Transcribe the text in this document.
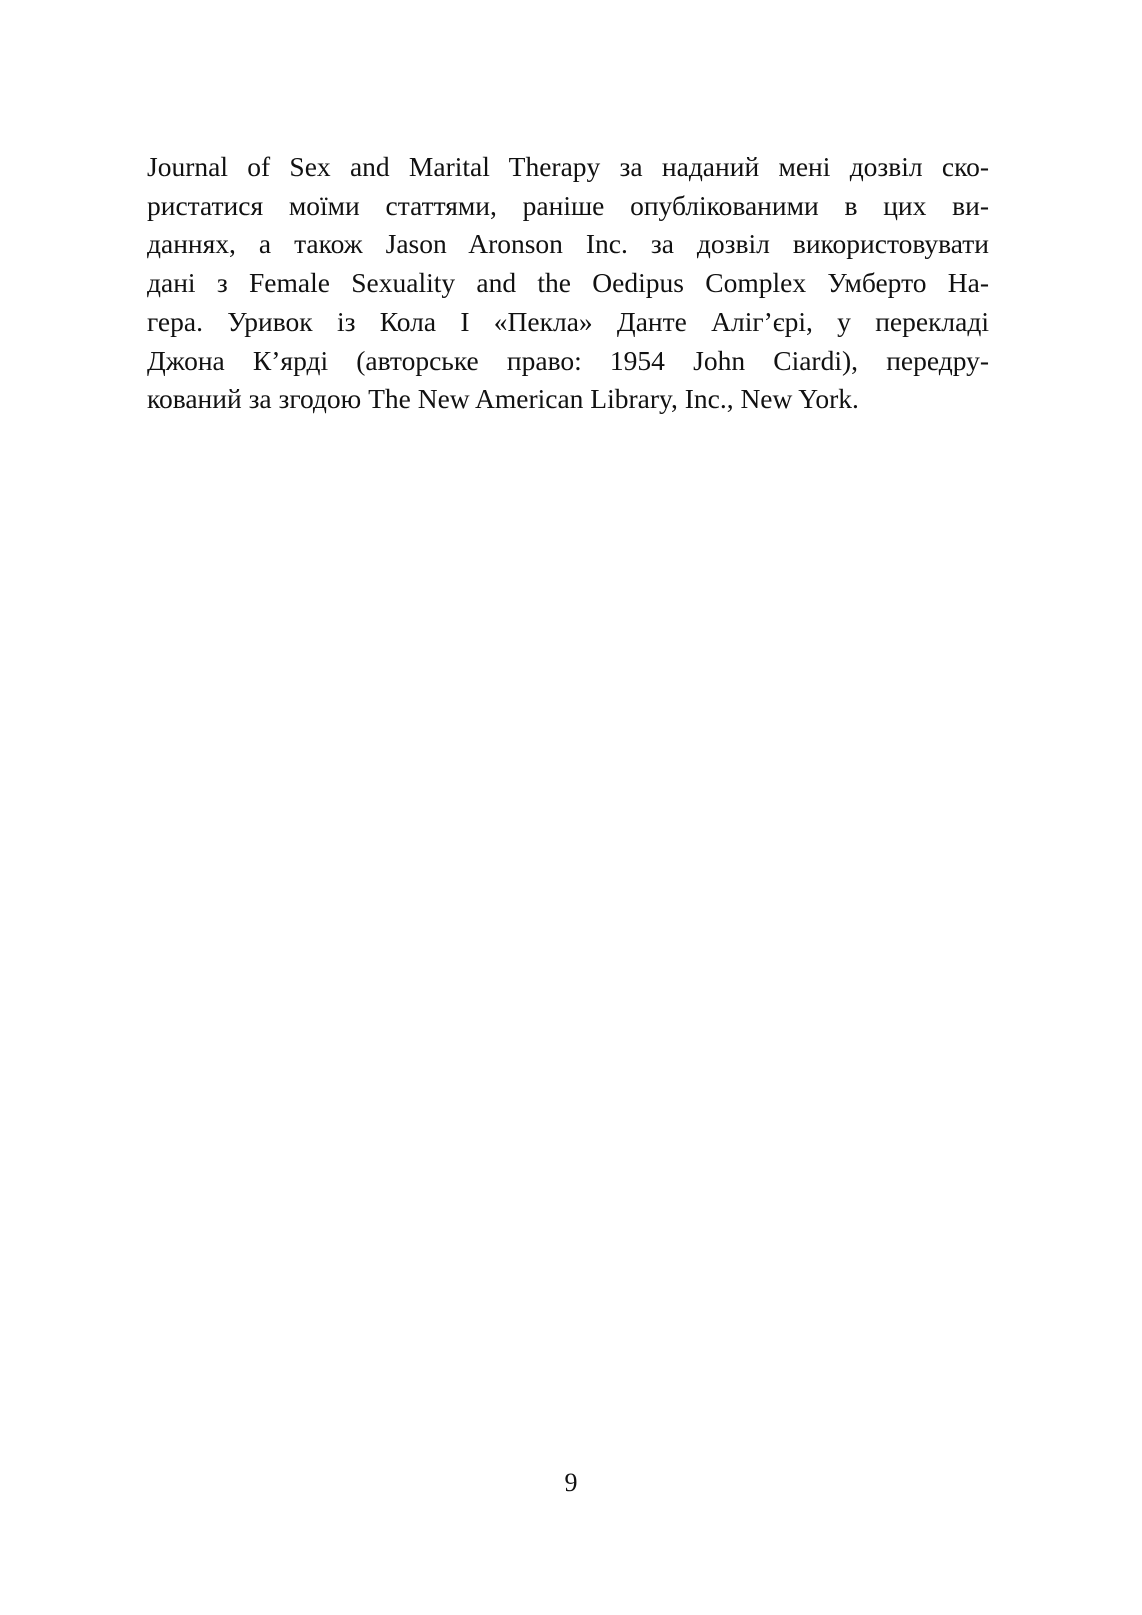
Journal of Sex and Marital Therapy за наданий мені дозвіл ско-
ристатися моїми статтями, раніше опублікованими в цих ви-
даннях, а також Jason Aronson Inc. за дозвіл використовувати
дані з Female Sexuality and the Oedipus Complex Умберто На-
гера. Уривок із Кола I «Пекла» Данте Аліг’єрі, у перекладі
Джона К’ярді (авторське право: 1954 John Ciardi), передру-
кований за згодою The New American Library, Inc., New York.
9
